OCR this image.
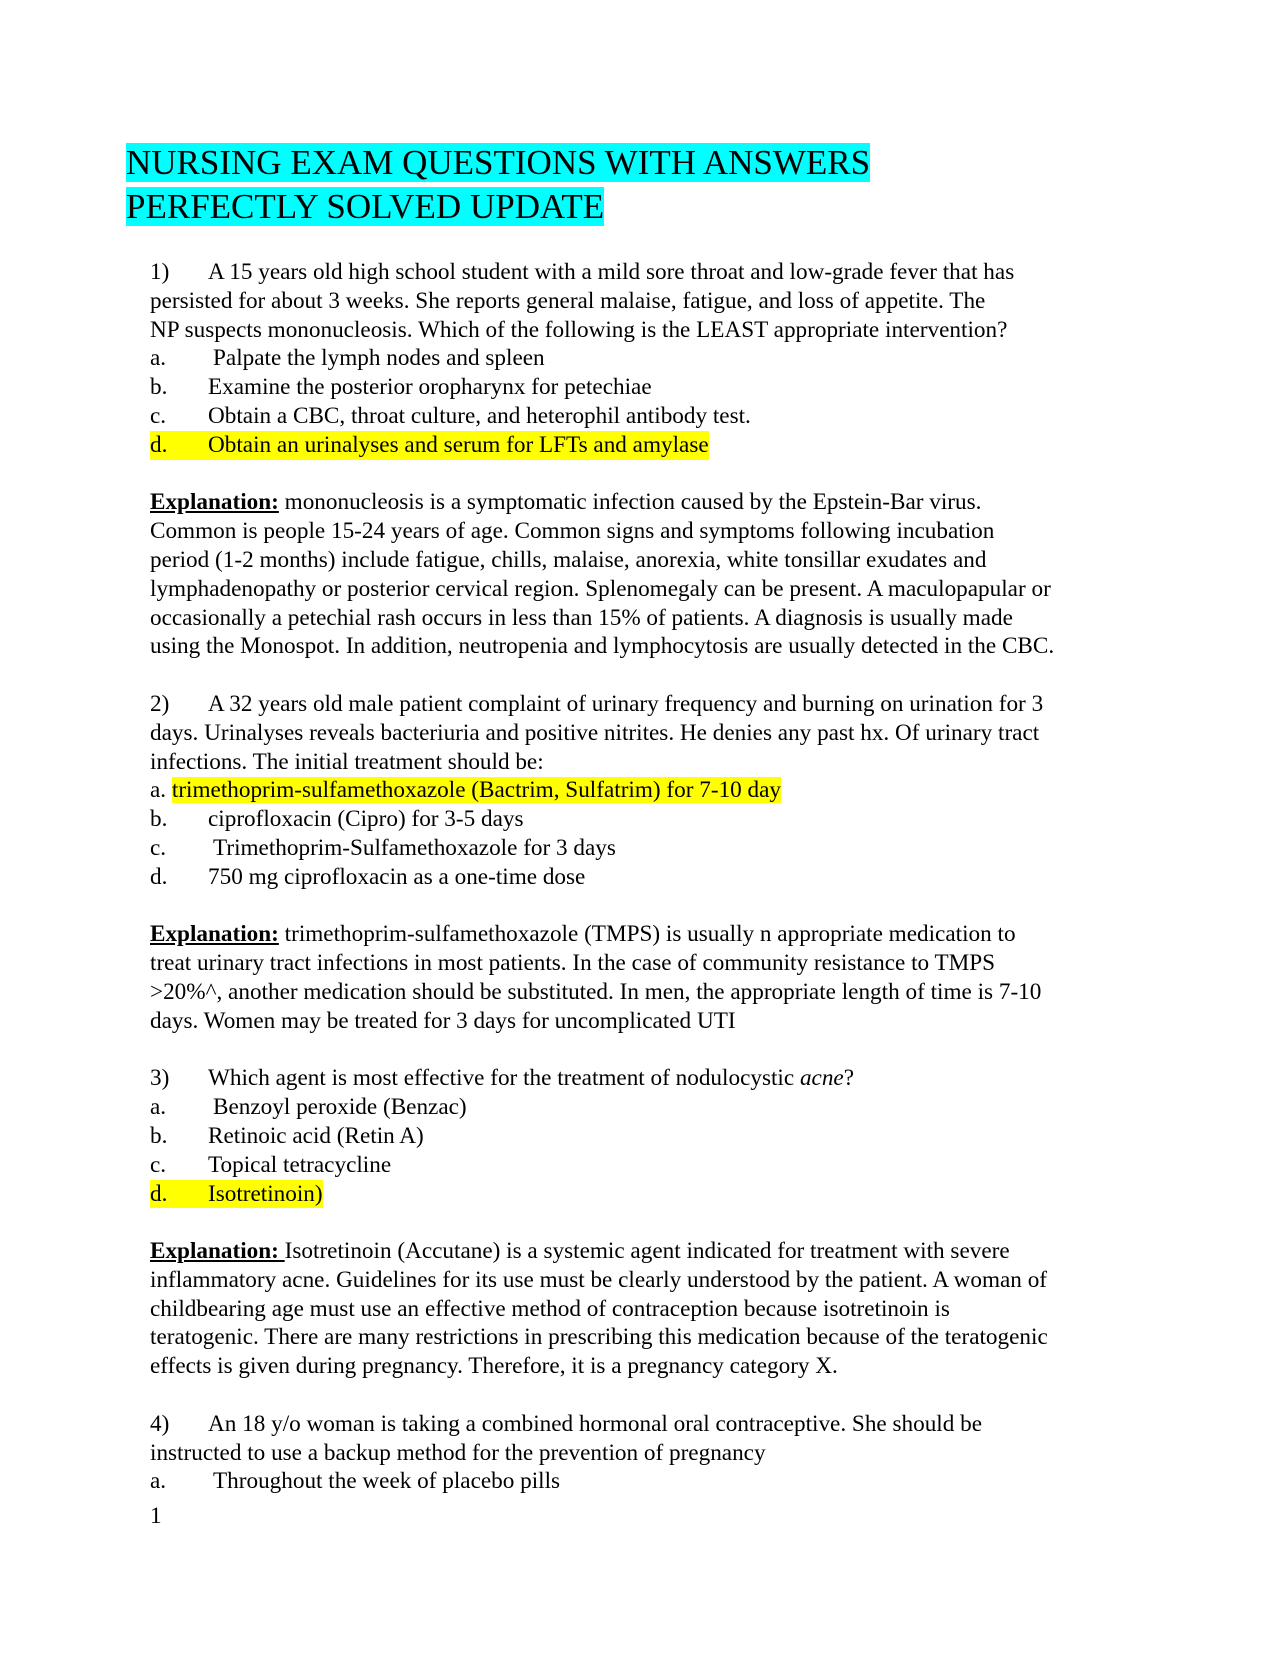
NURSING EXAM QUESTIONS WITH ANSWERS
PERFECTLY SOLVED UPDATE
1) A 15 years old high school student with a mild sore throat and low-grade fever that has
persisted for about 3 weeks. She reports general malaise, fatigue, and loss of appetite. The
NP suspects mononucleosis. Which of the following is the LEAST appropriate intervention?
a. Palpate the lymph nodes and spleen
b. Examine the posterior oropharynx for petechiae
c. Obtain a CBC, throat culture, and heterophil antibody test.
d. Obtain an urinalyses and serum for LFTs and amylase
Explanation: mononucleosis is a symptomatic infection caused by the Epstein-Bar virus.
Common is people 15-24 years of age. Common signs and symptoms following incubation
period (1-2 months) include fatigue, chills, malaise, anorexia, white tonsillar exudates and
lymphadenopathy or posterior cervical region. Splenomegaly can be present. A maculopapular or
occasionally a petechial rash occurs in less than 15% of patients. A diagnosis is usually made
using the Monospot. In addition, neutropenia and lymphocytosis are usually detected in the CBC.
2) A 32 years old male patient complaint of urinary frequency and burning on urination for 3
days. Urinalyses reveals bacteriuria and positive nitrites. He denies any past hx. Of urinary tract
infections. The initial treatment should be:
a. trimethoprim-sulfamethoxazole (Bactrim, Sulfatrim) for 7-10 day
b. ciprofloxacin (Cipro) for 3-5 days
c. Trimethoprim-Sulfamethoxazole for 3 days
d. 750 mg ciprofloxacin as a one-time dose
Explanation: trimethoprim-sulfamethoxazole (TMPS) is usually n appropriate medication to
treat urinary tract infections in most patients. In the case of community resistance to TMPS
>20%^, another medication should be substituted. In men, the appropriate length of time is 7-10
days. Women may be treated for 3 days for uncomplicated UTI
3) Which agent is most effective for the treatment of nodulocystic acne?
a. Benzoyl peroxide (Benzac)
b. Retinoic acid (Retin A)
c. Topical tetracycline
d. Isotretinoin)
Explanation: Isotretinoin (Accutane) is a systemic agent indicated for treatment with severe
inflammatory acne. Guidelines for its use must be clearly understood by the patient. A woman of
childbearing age must use an effective method of contraception because isotretinoin is
teratogenic. There are many restrictions in prescribing this medication because of the teratogenic
effects is given during pregnancy. Therefore, it is a pregnancy category X.
4) An 18 y/o woman is taking a combined hormonal oral contraceptive. She should be
instructed to use a backup method for the prevention of pregnancy
a. Throughout the week of placebo pills
1
